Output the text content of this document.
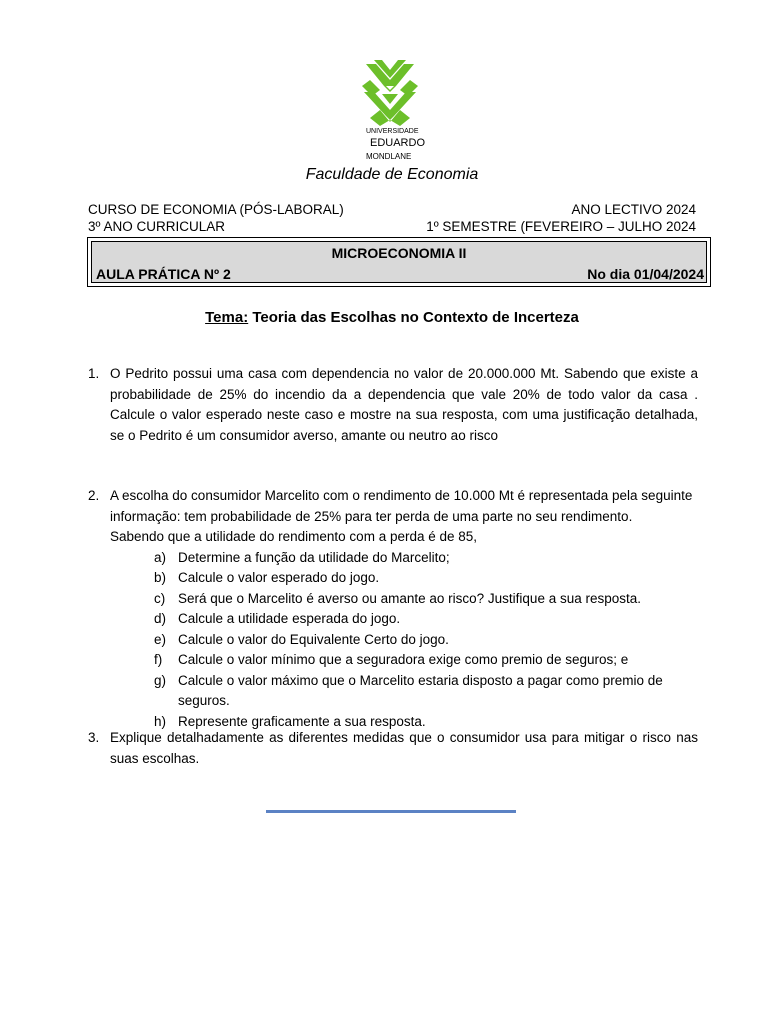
UNIVERSIDADE
EDUARDO
MONDLANE
Faculdade de Economia
CURSO DE ECONOMIA (PÓS-LABORAL)
3º ANO CURRICULAR
ANO LECTIVO 2024
1º SEMESTRE (FEVEREIRO – JULHO 2024
MICROECONOMIA II
AULA PRÁTICA Nº 2	No dia 01/04/2024
Tema: Teoria das Escolhas no Contexto de Incerteza
1. O Pedrito possui uma casa com dependencia no valor de 20.000.000 Mt. Sabendo que existe a probabilidade de 25% do incendio da a dependencia que vale 20% de todo valor da casa . Calcule o valor esperado neste caso e mostre na sua resposta, com uma justificação detalhada, se o Pedrito é um consumidor averso, amante ou neutro ao risco
2. A escolha do consumidor Marcelito com o rendimento de 10.000 Mt é representada pela seguinte
informação: tem probabilidade de 25% para ter perda de uma parte no seu rendimento.
Sabendo que a utilidade do rendimento com a perda é de 85,
a) Determine a função da utilidade do Marcelito;
b) Calcule o valor esperado do jogo.
c) Será que o Marcelito é averso ou amante ao risco? Justifique a sua resposta.
d) Calcule a utilidade esperada do jogo.
e) Calcule o valor do Equivalente Certo do jogo.
f) Calcule o valor mínimo que a seguradora exige como premio de seguros; e
g) Calcule o valor máximo que o Marcelito estaria disposto a pagar como premio de seguros.
h) Represente graficamente a sua resposta.
3. Explique detalhadamente as diferentes medidas que o consumidor usa para mitigar o risco nas suas escolhas.
